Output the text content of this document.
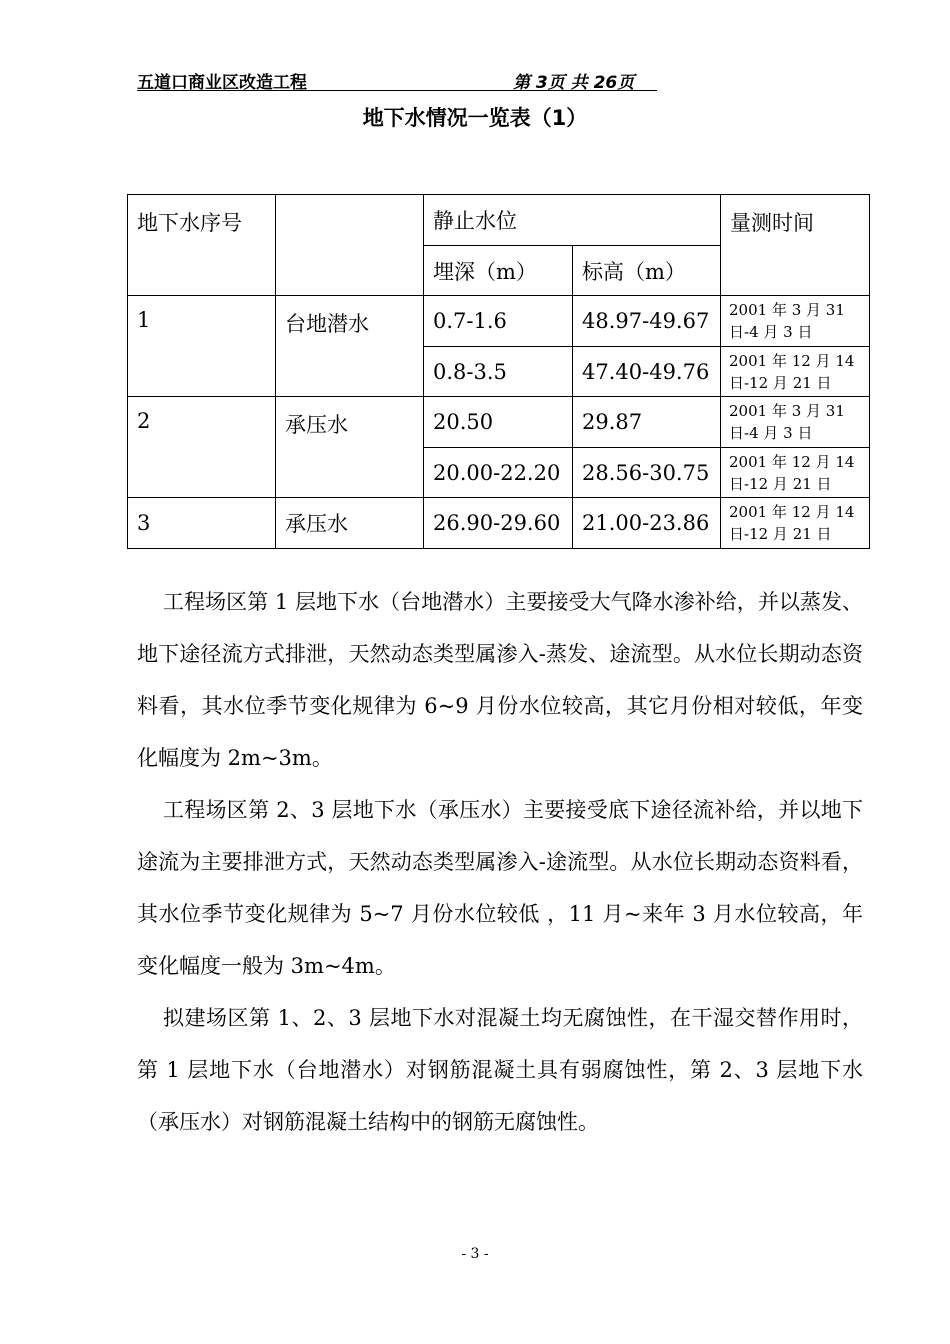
五道口商业区改造工程	第 3页 共 26页
地下水情况一览表（1）
地下水序号		静止水位		量测时间
		埋深（m）	标高（m）	
1	台地潜水	0.7-1.6	48.97-49.67	2001 年 3 月 31 日-4 月 3 日
		0.8-3.5	47.40-49.76	2001 年 12 月 14 日-12 月 21 日
2	承压水	20.50	29.87	2001 年 3 月 31 日-4 月 3 日
		20.00-22.20	28.56-30.75	2001 年 12 月 14 日-12 月 21 日
3	承压水	26.90-29.60	21.00-23.86	2001 年 12 月 14 日-12 月 21 日

工程场区第 1 层地下水（台地潜水）主要接受大气降水渗补给，并以蒸发、地下途径流方式排泄，天然动态类型属渗入-蒸发、途流型。从水位长期动态资料看，其水位季节变化规律为 6~9 月份水位较高，其它月份相对较低，年变化幅度为 2m~3m。

工程场区第 2、3 层地下水（承压水）主要接受底下途径流补给，并以地下途流为主要排泄方式，天然动态类型属渗入-途流型。从水位长期动态资料看，其水位季节变化规律为 5~7 月份水位较低 ，11 月~来年 3 月水位较高，年变化幅度一般为 3m~4m。

拟建场区第 1、2、3 层地下水对混凝土均无腐蚀性，在干湿交替作用时，第 1 层地下水（台地潜水）对钢筋混凝土具有弱腐蚀性，第 2、3 层地下水（承压水）对钢筋混凝土结构中的钢筋无腐蚀性。

- 3 -
